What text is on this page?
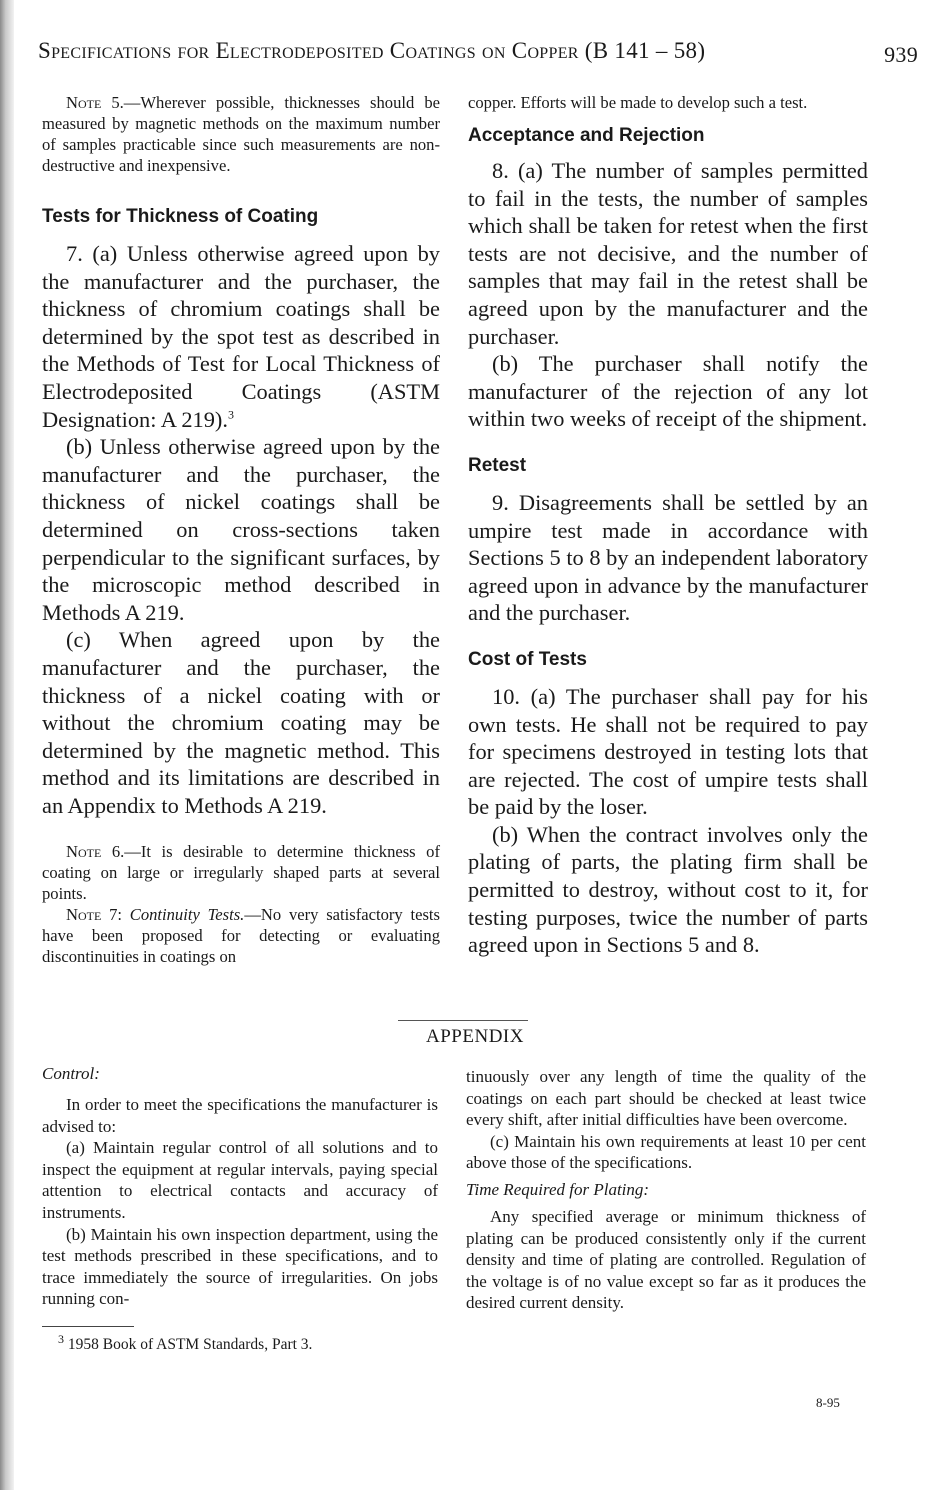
Specifications for Electrodeposited Coatings on Copper (B 141 – 58)	939

Note 5.—Wherever possible, thicknesses should be measured by magnetic methods on the maximum number of samples practicable since such measurements are non-destructive and inexpensive.

Tests for Thickness of Coating

7. (a) Unless otherwise agreed upon by the manufacturer and the purchaser, the thickness of chromium coatings shall be determined by the spot test as described in the Methods of Test for Local Thickness of Electrodeposited Coatings (ASTM Designation: A 219).$^3$

(b) Unless otherwise agreed upon by the manufacturer and the purchaser, the thickness of nickel coatings shall be determined on cross-sections taken perpendicular to the significant surfaces, by the microscopic method described in Methods A 219.

(c) When agreed upon by the manufacturer and the purchaser, the thickness of a nickel coating with or without the chromium coating may be determined by the magnetic method. This method and its limitations are described in an Appendix to Methods A 219.

Note 6.—It is desirable to determine thickness of coating on large or irregularly shaped parts at several points.

Note 7: Continuity Tests.—No very satisfactory tests have been proposed for detecting or evaluating discontinuities in coatings on

copper. Efforts will be made to develop such a test.

Acceptance and Rejection

8. (a) The number of samples permitted to fail in the tests, the number of samples which shall be taken for retest when the first tests are not decisive, and the number of samples that may fail in the retest shall be agreed upon by the manufacturer and the purchaser.

(b) The purchaser shall notify the manufacturer of the rejection of any lot within two weeks of receipt of the shipment.

Retest

9. Disagreements shall be settled by an umpire test made in accordance with Sections 5 to 8 by an independent laboratory agreed upon in advance by the manufacturer and the purchaser.

Cost of Tests

10. (a) The purchaser shall pay for his own tests. He shall not be required to pay for specimens destroyed in testing lots that are rejected. The cost of umpire tests shall be paid by the loser.

(b) When the contract involves only the plating of parts, the plating firm shall be permitted to destroy, without cost to it, for testing purposes, twice the number of parts agreed upon in Sections 5 and 8.

APPENDIX

Control:

In order to meet the specifications the manufacturer is advised to:

(a) Maintain regular control of all solutions and to inspect the equipment at regular intervals, paying special attention to electrical contacts and accuracy of instruments.

(b) Maintain his own inspection department, using the test methods prescribed in these specifications, and to trace immediately the source of irregularities. On jobs running con-

tinuously over any length of time the quality of the coatings on each part should be checked at least twice every shift, after initial difficulties have been overcome.

(c) Maintain his own requirements at least 10 per cent above those of the specifications.

Time Required for Plating:

Any specified average or minimum thickness of plating can be produced consistently only if the current density and time of plating are controlled. Regulation of the voltage is of no value except so far as it produces the desired current density.

$^3$ 1958 Book of ASTM Standards, Part 3.
8-95
